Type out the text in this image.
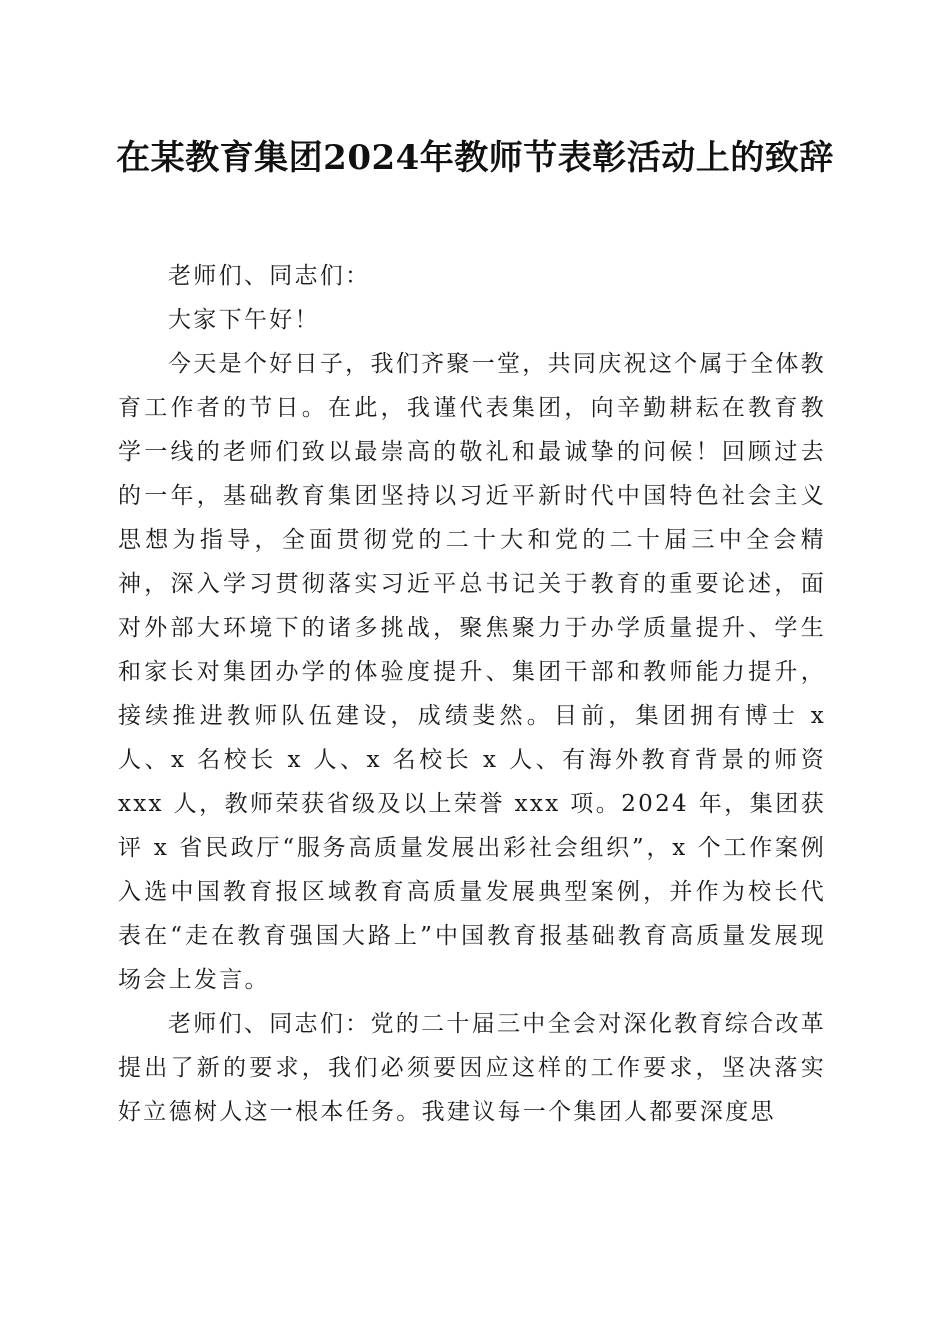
在某教育集团2024年教师节表彰活动上的致辞

老师们、同志们：

大家下午好！

今天是个好日子，我们齐聚一堂，共同庆祝这个属于全体教育工作者的节日。在此，我谨代表集团，向辛勤耕耘在教育教学一线的老师们致以最崇高的敬礼和最诚挚的问候！回顾过去的一年，基础教育集团坚持以习近平新时代中国特色社会主义思想为指导，全面贯彻党的二十大和党的二十届三中全会精神，深入学习贯彻落实习近平总书记关于教育的重要论述，面对外部大环境下的诸多挑战，聚焦聚力于办学质量提升、学生和家长对集团办学的体验度提升、集团干部和教师能力提升，接续推进教师队伍建设，成绩斐然。目前，集团拥有博士 x 人、x 名校长 x 人、x 名校长 x 人、有海外教育背景的师资 xxx 人，教师荣获省级及以上荣誉 xxx 项。2024 年，集团获评 x 省民政厅“服务高质量发展出彩社会组织”，x 个工作案例入选中国教育报区域教育高质量发展典型案例，并作为校长代表在“走在教育强国大路上”中国教育报基础教育高质量发展现场会上发言。

老师们、同志们：党的二十届三中全会对深化教育综合改革提出了新的要求，我们必须要因应这样的工作要求，坚决落实好立德树人这一根本任务。我建议每一个集团人都要深度思
